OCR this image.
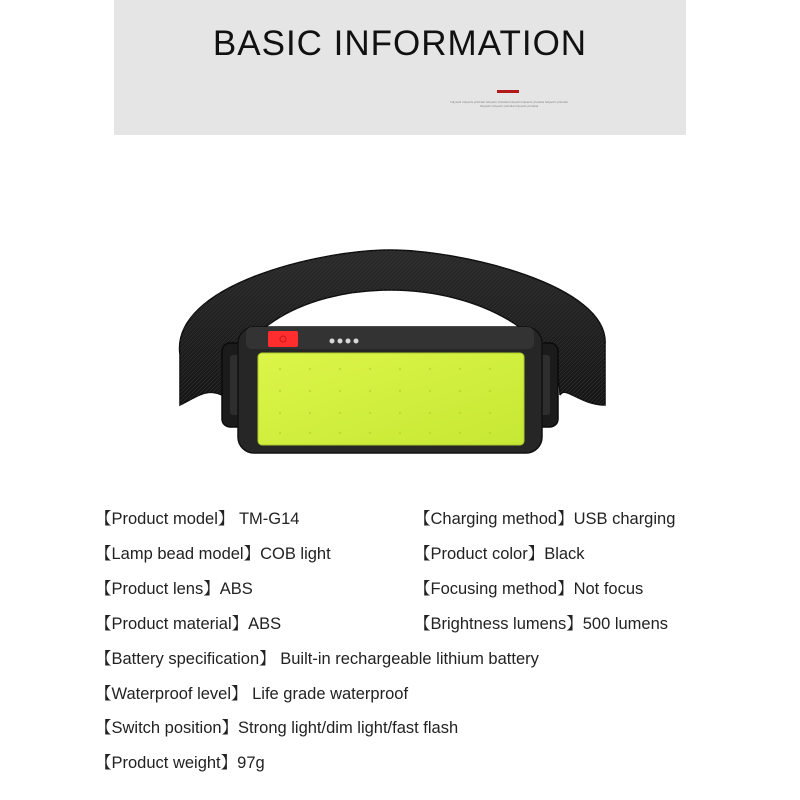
BASIC INFORMATION
hdiyashi hdiyashi yhshdiai hdiyashi yhshdiai hdiyashi hdiyashi yhshdiai hdiyashi yhshdiai
hdiyashi hdiyashi yhshdiai hdiyashi yhshdiai

【Product model】 TM-G14	【Charging method】USB charging

【Lamp bead model】COB light	【Product color】Black

【Product lens】ABS	【Focusing method】Not focus

【Product material】ABS	【Brightness lumens】500 lumens

【Battery specification】 Built-in rechargeable lithium battery

【Waterproof level】 Life grade waterproof

【Switch position】Strong light/dim light/fast flash

【Product weight】97g
